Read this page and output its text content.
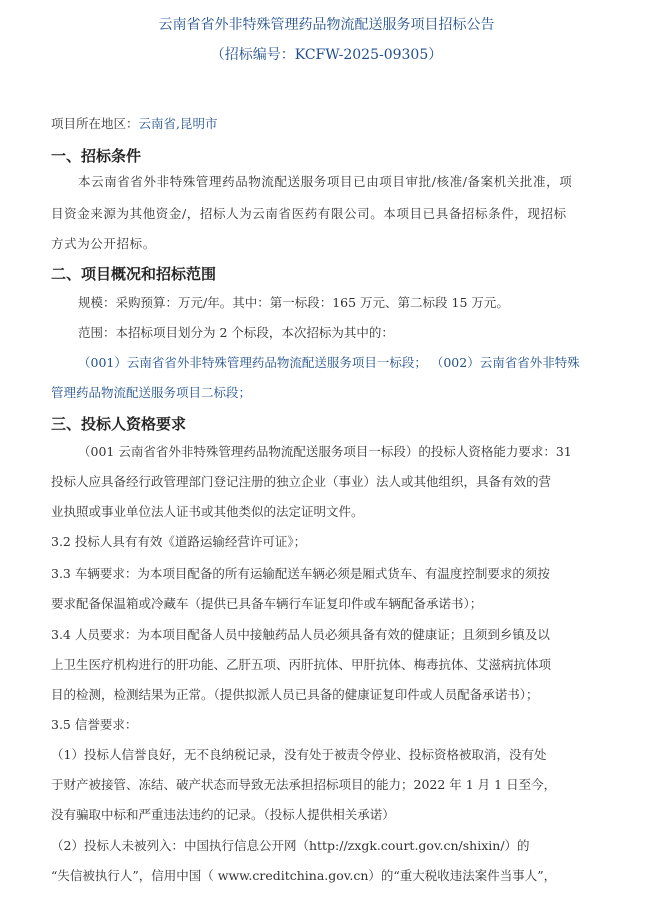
云南省省外非特殊管理药品物流配送服务项目招标公告
（招标编号：KCFW-2025-09305）
项目所在地区：云南省,昆明市
一、招标条件
本云南省省外非特殊管理药品物流配送服务项目已由项目审批/核准/备案机关批准，项
目资金来源为其他资金/，招标人为云南省医药有限公司。本项目已具备招标条件，现招标
方式为公开招标。
二、项目概况和招标范围
规模：采购预算：万元/年。其中：第一标段：165 万元、第二标段 15 万元。
范围：本招标项目划分为 2 个标段，本次招标为其中的：
（001）云南省省外非特殊管理药品物流配送服务项目一标段； （002）云南省省外非特殊
管理药品物流配送服务项目二标段；
三、投标人资格要求
（001 云南省省外非特殊管理药品物流配送服务项目一标段）的投标人资格能力要求：31
投标人应具备经行政管理部门登记注册的独立企业（事业）法人或其他组织，具备有效的营
业执照或事业单位法人证书或其他类似的法定证明文件。
3.2 投标人具有有效《道路运输经营许可证》；
3.3 车辆要求：为本项目配备的所有运输配送车辆必须是厢式货车、有温度控制要求的须按
要求配备保温箱或冷藏车（提供已具备车辆行车证复印件或车辆配备承诺书）；
3.4 人员要求：为本项目配备人员中接触药品人员必须具备有效的健康证；且须到乡镇及以
上卫生医疗机构进行的肝功能、乙肝五项、丙肝抗体、甲肝抗体、梅毒抗体、艾滋病抗体项
目的检测，检测结果为正常。（提供拟派人员已具备的健康证复印件或人员配备承诺书）；
3.5 信誉要求：
（1）投标人信誉良好，无不良纳税记录，没有处于被责令停业、投标资格被取消，没有处
于财产被接管、冻结、破产状态而导致无法承担招标项目的能力；2022 年 1 月 1 日至今，
没有骗取中标和严重违法违约的记录。（投标人提供相关承诺）
（2）投标人未被列入：中国执行信息公开网（http://zxgk.court.gov.cn/shixin/）的
“失信被执行人”，信用中国（ www.creditchina.gov.cn）的“重大税收违法案件当事人”，
